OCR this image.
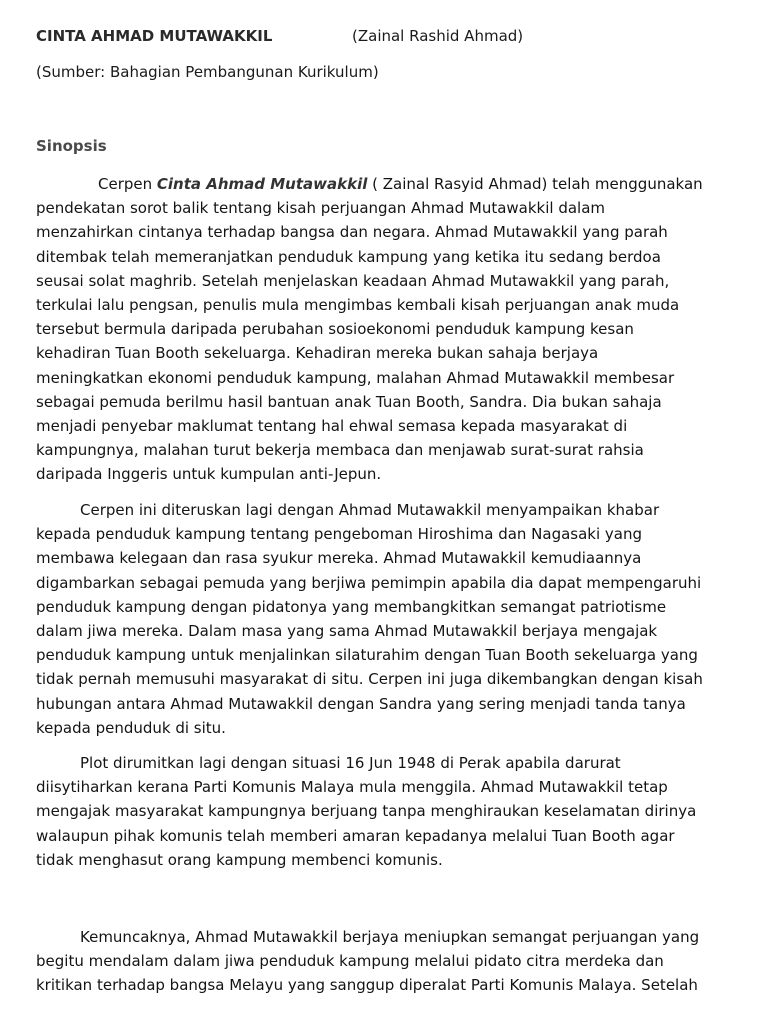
CINTA AHMAD MUTAWAKKIL	(Zainal Rashid Ahmad)
(Sumber: Bahagian Pembangunan Kurikulum)
Sinopsis
Cerpen Cinta Ahmad Mutawakkil ( Zainal Rasyid Ahmad) telah menggunakan
pendekatan sorot balik tentang kisah perjuangan Ahmad Mutawakkil dalam
menzahirkan cintanya terhadap bangsa dan negara. Ahmad Mutawakkil yang parah
ditembak telah memeranjatkan penduduk kampung yang ketika itu sedang berdoa
seusai solat maghrib. Setelah menjelaskan keadaan Ahmad Mutawakkil yang parah,
terkulai lalu pengsan, penulis mula mengimbas kembali kisah perjuangan anak muda
tersebut bermula daripada perubahan sosioekonomi penduduk kampung kesan
kehadiran Tuan Booth sekeluarga. Kehadiran mereka bukan sahaja berjaya
meningkatkan ekonomi penduduk kampung, malahan Ahmad Mutawakkil membesar
sebagai pemuda berilmu hasil bantuan anak Tuan Booth, Sandra. Dia bukan sahaja
menjadi penyebar maklumat tentang hal ehwal semasa kepada masyarakat di
kampungnya, malahan turut bekerja membaca dan menjawab surat-surat rahsia
daripada Inggeris untuk kumpulan anti-Jepun.
Cerpen ini diteruskan lagi dengan Ahmad Mutawakkil menyampaikan khabar
kepada penduduk kampung tentang pengeboman Hiroshima dan Nagasaki yang
membawa kelegaan dan rasa syukur mereka. Ahmad Mutawakkil kemudiaannya
digambarkan sebagai pemuda yang berjiwa pemimpin apabila dia dapat mempengaruhi
penduduk kampung dengan pidatonya yang membangkitkan semangat patriotisme
dalam jiwa mereka. Dalam masa yang sama Ahmad Mutawakkil berjaya mengajak
penduduk kampung untuk menjalinkan silaturahim dengan Tuan Booth sekeluarga yang
tidak pernah memusuhi masyarakat di situ. Cerpen ini juga dikembangkan dengan kisah
hubungan antara Ahmad Mutawakkil dengan Sandra yang sering menjadi tanda tanya
kepada penduduk di situ.
Plot dirumitkan lagi dengan situasi 16 Jun 1948 di Perak apabila darurat
diisytiharkan kerana Parti Komunis Malaya mula menggila. Ahmad Mutawakkil tetap
mengajak masyarakat kampungnya berjuang tanpa menghiraukan keselamatan dirinya
walaupun pihak komunis telah memberi amaran kepadanya melalui Tuan Booth agar
tidak menghasut orang kampung membenci komunis.
Kemuncaknya, Ahmad Mutawakkil berjaya meniupkan semangat perjuangan yang
begitu mendalam dalam jiwa penduduk kampung melalui pidato citra merdeka dan
kritikan terhadap bangsa Melayu yang sanggup diperalat Parti Komunis Malaya. Setelah
